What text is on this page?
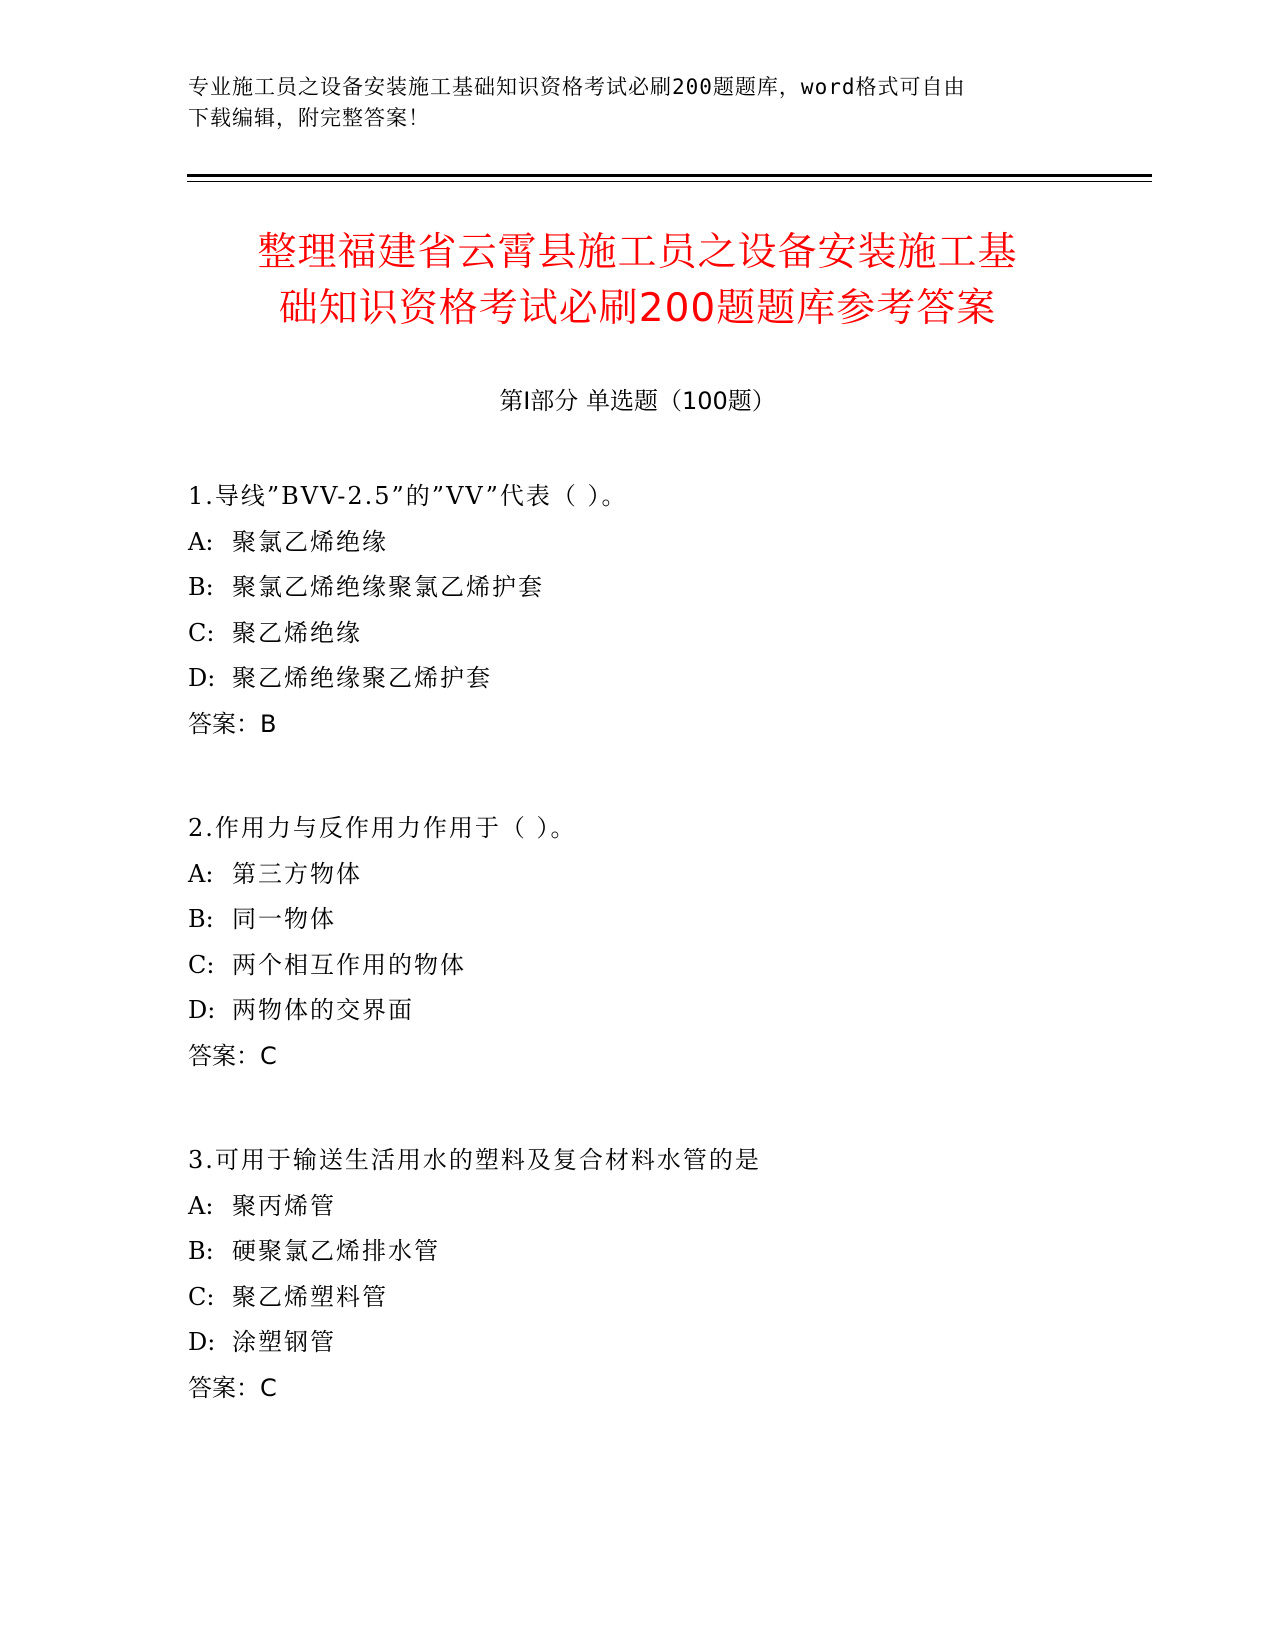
专业施工员之设备安装施工基础知识资格考试必刷200题题库，word格式可自由
下载编辑，附完整答案！
整理福建省云霄县施工员之设备安装施工基
础知识资格考试必刷200题题库参考答案
第Ⅰ部分 单选题（100题）
1.导线”BVV-2.5”的”VV”代表（ ）。
A: 聚氯乙烯绝缘
B: 聚氯乙烯绝缘聚氯乙烯护套
C: 聚乙烯绝缘
D: 聚乙烯绝缘聚乙烯护套
答案：B
2.作用力与反作用力作用于（ ）。
A: 第三方物体
B: 同一物体
C: 两个相互作用的物体
D: 两物体的交界面
答案：C
3.可用于输送生活用水的塑料及复合材料水管的是
A: 聚丙烯管
B: 硬聚氯乙烯排水管
C: 聚乙烯塑料管
D: 涂塑钢管
答案：C
